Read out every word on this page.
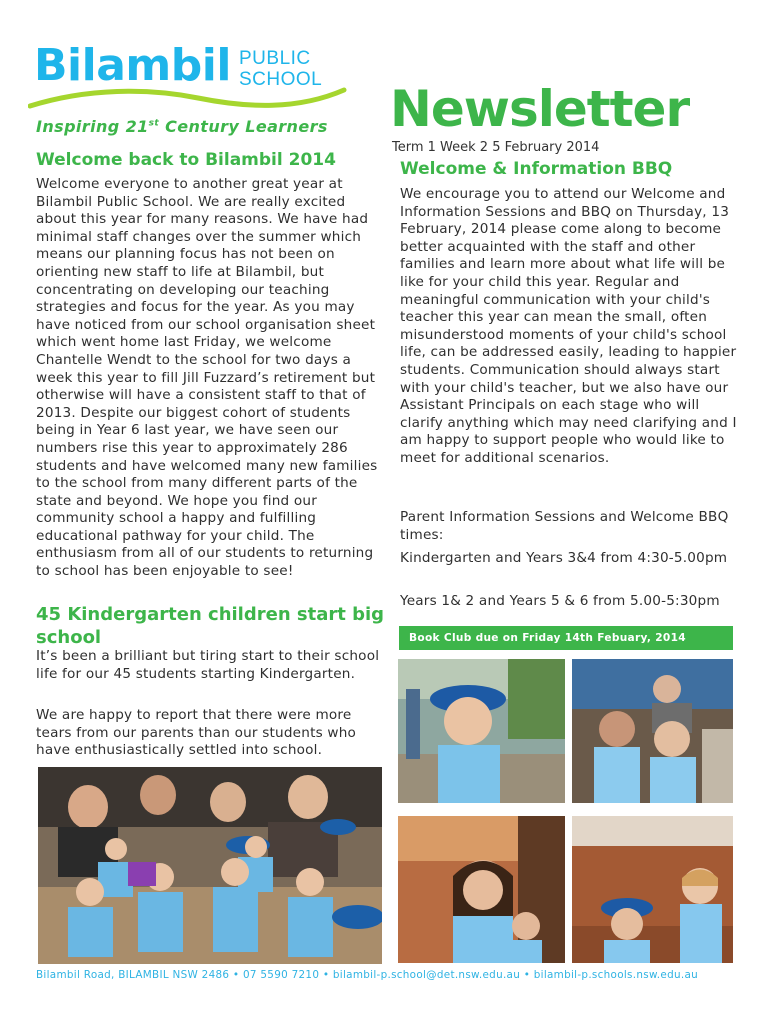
Bilambil PUBLIC
SCHOOL
Inspiring 21st Century Learners Newsletter
Term 1 Week 2 5 February 2014
Welcome back to Bilambil 2014
Welcome everyone to another great year at Bilambil Public School. We are really excited about this year for many reasons. We have had minimal staff changes over the summer which means our planning focus has not been on orienting new staff to life at Bilambil, but concentrating on developing our teaching strategies and focus for the year. As you may have noticed from our school organisation sheet which went home last Friday, we welcome Chantelle Wendt to the school for two days a week this year to fill Jill Fuzzard’s retirement but otherwise will have a consistent staff to that of 2013. Despite our biggest cohort of students being in Year 6 last year, we have seen our numbers rise this year to approximately 286 students and have welcomed many new families to the school from many different parts of the state and beyond. We hope you find our community school a happy and fulfilling educational pathway for your child. The enthusiasm from all of our students to returning to school has been enjoyable to see!
45 Kindergarten children start big school
It’s been a brilliant but tiring start to their school life for our 45 students starting Kindergarten.
We are happy to report that there were more tears from our parents than our students who have enthusiastically settled into school.
Welcome & Information BBQ
We encourage you to attend our Welcome and Information Sessions and BBQ on Thursday, 13 February, 2014 please come along to become better acquainted with the staff and other families and learn more about what life will be like for your child this year. Regular and meaningful communication with your child's teacher this year can mean the small, often misunderstood moments of your child's school life, can be addressed easily, leading to happier students. Communication should always start with your child's teacher, but we also have our Assistant Principals on each stage who will clarify anything which may need clarifying and I am happy to support people who would like to meet for additional scenarios.
Parent Information Sessions and Welcome BBQ times:
Kindergarten and Years 3&4 from 4:30-5.00pm
Years 1& 2 and Years 5 & 6 from 5.00-5:30pm
Book Club due on Friday 14th Febuary, 2014
Bilambil Road, BILAMBIL NSW 2486 • 07 5590 7210 • bilambil-p.school@det.nsw.edu.au • bilambil-p.schools.nsw.edu.au
